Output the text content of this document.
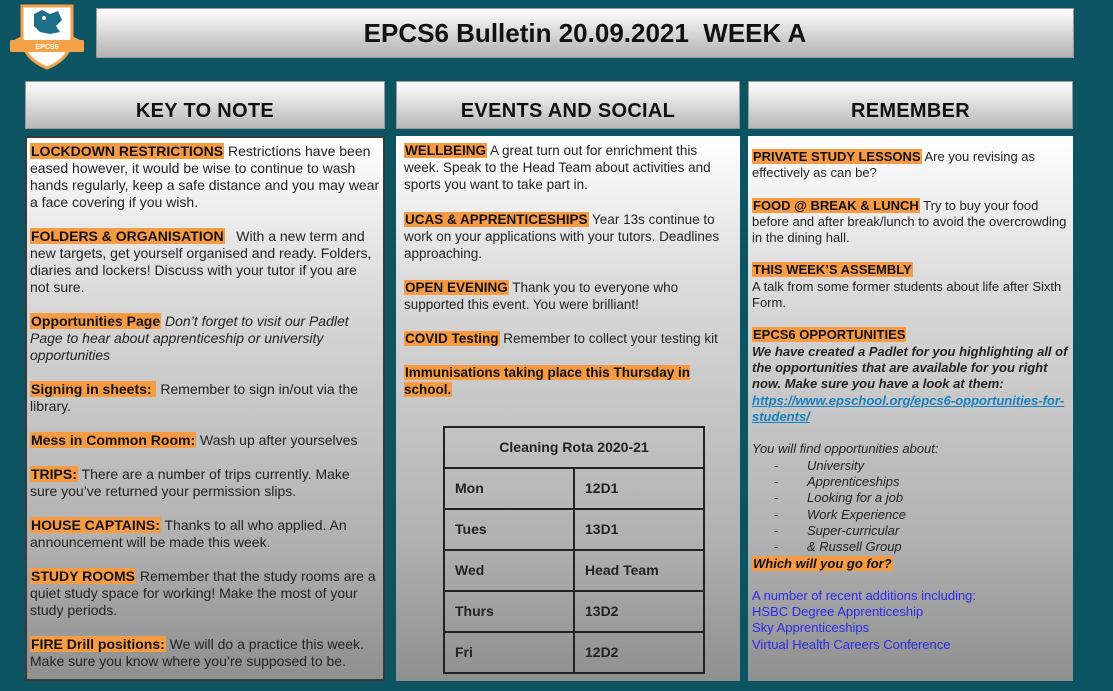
EPCS6	EPCS6 Bulletin 20.09.2021  WEEK A
KEY TO NOTE	EVENTS AND SOCIAL	REMEMBER
LOCKDOWN RESTRICTIONS Restrictions have been eased however, it would be wise to continue to wash hands regularly, keep a safe distance and you may wear a face covering if you wish.
FOLDERS & ORGANISATION   With a new term and new targets, get yourself organised and ready. Folders, diaries and lockers! Discuss with your tutor if you are not sure.
Opportunities Page Don’t forget to visit our Padlet Page to hear about apprenticeship or university opportunities
Signing in sheets:  Remember to sign in/out via the library.
Mess in Common Room: Wash up after yourselves
TRIPS: There are a number of trips currently. Make sure you’ve returned your permission slips.
HOUSE CAPTAINS: Thanks to all who applied. An announcement will be made this week.
STUDY ROOMS Remember that the study rooms are a quiet study space for working! Make the most of your study periods.
FIRE Drill positions: We will do a practice this week. Make sure you know where you’re supposed to be.
WELLBEING A great turn out for enrichment this week. Speak to the Head Team about activities and sports you want to take part in.
UCAS & APPRENTICESHIPS Year 13s continue to work on your applications with your tutors. Deadlines approaching.
OPEN EVENING Thank you to everyone who supported this event. You were brilliant!
COVID Testing Remember to collect your testing kit
Immunisations taking place this Thursday in school.
Cleaning Rota 2020-21	
Mon	12D1
Tues	13D1
Wed	Head Team
Thurs	13D2
Fri	12D2
PRIVATE STUDY LESSONS Are you revising as effectively as can be?
FOOD @ BREAK & LUNCH Try to buy your food before and after break/lunch to avoid the overcrowding in the dining hall.
THIS WEEK’S ASSEMBLY
A talk from some former students about life after Sixth Form.
EPCS6 OPPORTUNITIES
We have created a Padlet for you highlighting all of the opportunities that are available for you right now. Make sure you have a look at them:
https://www.epschool.org/epcs6-opportunities-for-students/

You will find opportunities about:
- University
- Apprenticeships
- Looking for a job
- Work Experience
- Super-curricular
- & Russell Group
Which will you go for?
A number of recent additions including:
HSBC Degree Apprenticeship
Sky Apprenticeships
Virtual Health Careers Conference
